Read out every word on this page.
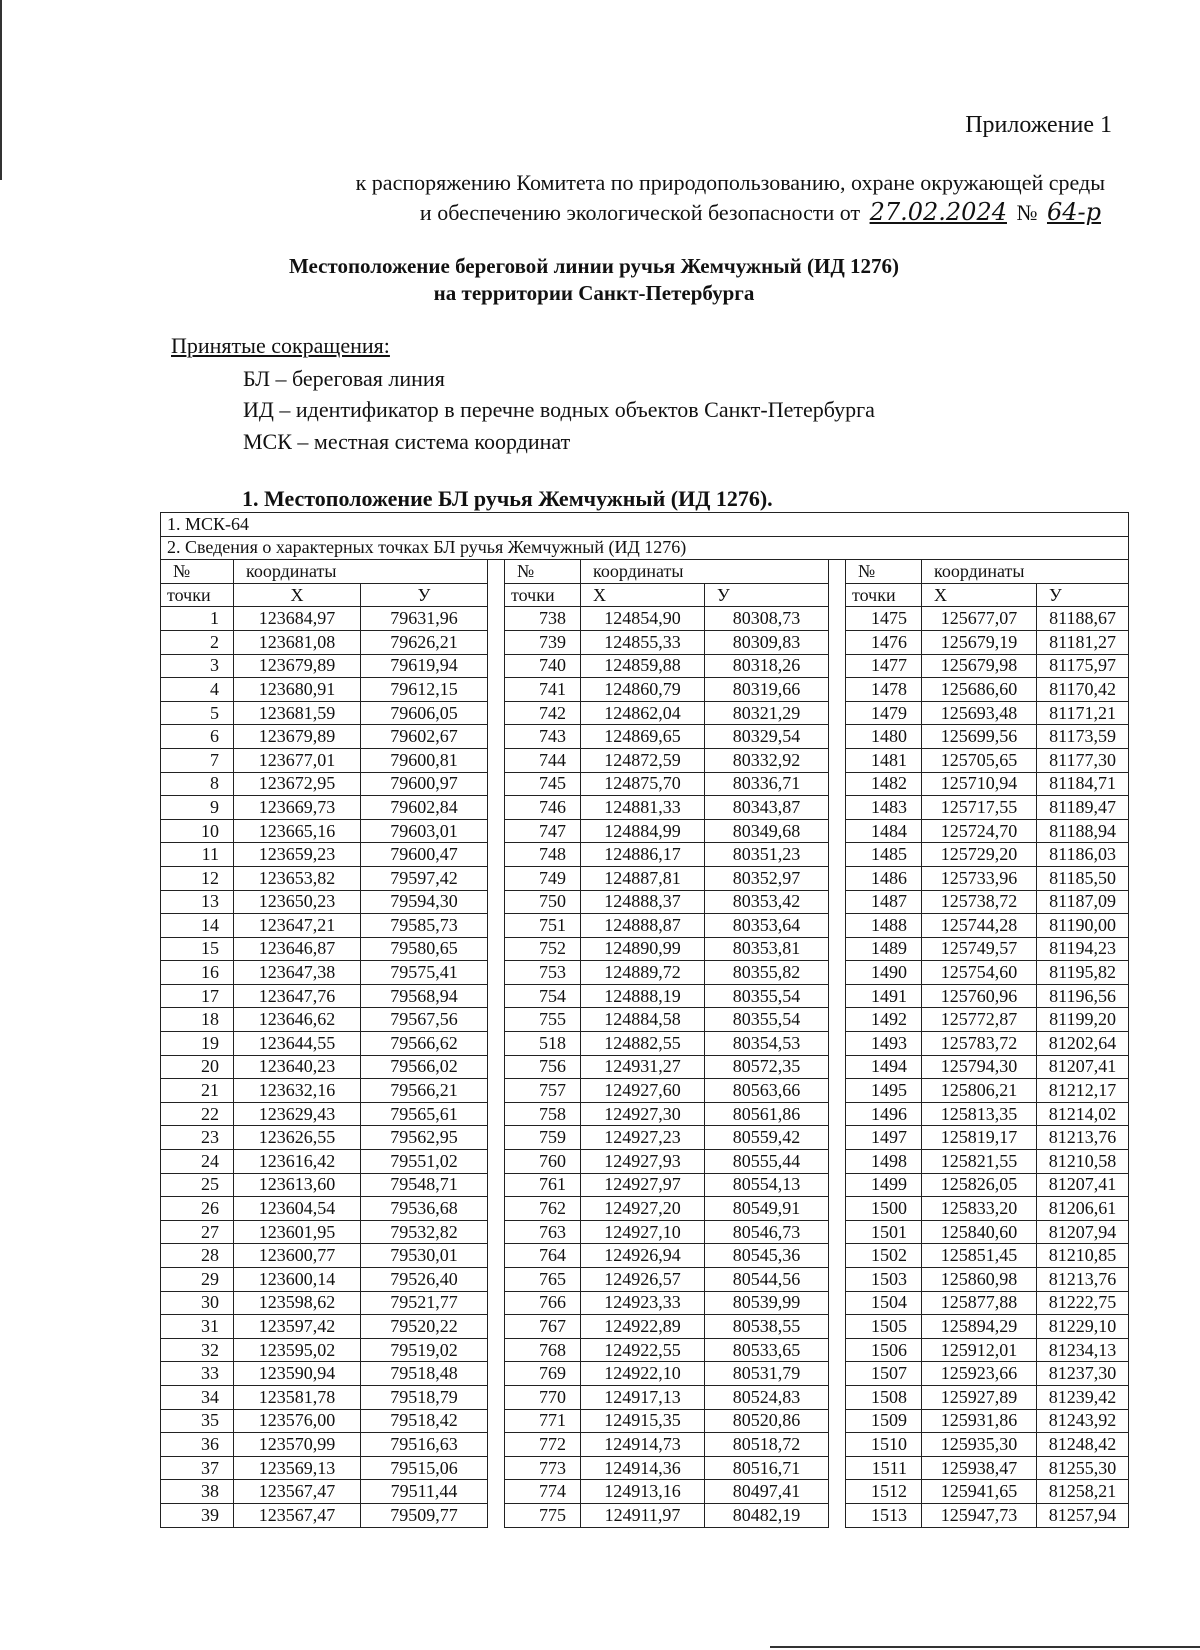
Приложение 1
к распоряжению Комитета по природопользованию, охране окружающей среды
и обеспечению экологической безопасности от 27.02.2024 № 64-р
Местоположение береговой линии ручья Жемчужный (ИД 1276)
на территории Санкт-Петербурга
Принятые сокращения:
БЛ – береговая линия
ИД – идентификатор в перечне водных объектов Санкт-Петербурга
МСК – местная система координат
1. Местоположение БЛ ручья Жемчужный (ИД 1276).
1. МСК-64										
2. Сведения о характерных точках БЛ ручья Жемчужный (ИД 1276)										
№	координаты			№	координаты			№	координаты	
точки	Х	У		точки	Х	У		точки	Х	У
1	123684,97	79631,96		738	124854,90	80308,73		1475	125677,07	81188,67
2	123681,08	79626,21		739	124855,33	80309,83		1476	125679,19	81181,27
3	123679,89	79619,94		740	124859,88	80318,26		1477	125679,98	81175,97
4	123680,91	79612,15		741	124860,79	80319,66		1478	125686,60	81170,42
5	123681,59	79606,05		742	124862,04	80321,29		1479	125693,48	81171,21
6	123679,89	79602,67		743	124869,65	80329,54		1480	125699,56	81173,59
7	123677,01	79600,81		744	124872,59	80332,92		1481	125705,65	81177,30
8	123672,95	79600,97		745	124875,70	80336,71		1482	125710,94	81184,71
9	123669,73	79602,84		746	124881,33	80343,87		1483	125717,55	81189,47
10	123665,16	79603,01		747	124884,99	80349,68		1484	125724,70	81188,94
11	123659,23	79600,47		748	124886,17	80351,23		1485	125729,20	81186,03
12	123653,82	79597,42		749	124887,81	80352,97		1486	125733,96	81185,50
13	123650,23	79594,30		750	124888,37	80353,42		1487	125738,72	81187,09
14	123647,21	79585,73		751	124888,87	80353,64		1488	125744,28	81190,00
15	123646,87	79580,65		752	124890,99	80353,81		1489	125749,57	81194,23
16	123647,38	79575,41		753	124889,72	80355,82		1490	125754,60	81195,82
17	123647,76	79568,94		754	124888,19	80355,54		1491	125760,96	81196,56
18	123646,62	79567,56		755	124884,58	80355,54		1492	125772,87	81199,20
19	123644,55	79566,62		518	124882,55	80354,53		1493	125783,72	81202,64
20	123640,23	79566,02		756	124931,27	80572,35		1494	125794,30	81207,41
21	123632,16	79566,21		757	124927,60	80563,66		1495	125806,21	81212,17
22	123629,43	79565,61		758	124927,30	80561,86		1496	125813,35	81214,02
23	123626,55	79562,95		759	124927,23	80559,42		1497	125819,17	81213,76
24	123616,42	79551,02		760	124927,93	80555,44		1498	125821,55	81210,58
25	123613,60	79548,71		761	124927,97	80554,13		1499	125826,05	81207,41
26	123604,54	79536,68		762	124927,20	80549,91		1500	125833,20	81206,61
27	123601,95	79532,82		763	124927,10	80546,73		1501	125840,60	81207,94
28	123600,77	79530,01		764	124926,94	80545,36		1502	125851,45	81210,85
29	123600,14	79526,40		765	124926,57	80544,56		1503	125860,98	81213,76
30	123598,62	79521,77		766	124923,33	80539,99		1504	125877,88	81222,75
31	123597,42	79520,22		767	124922,89	80538,55		1505	125894,29	81229,10
32	123595,02	79519,02		768	124922,55	80533,65		1506	125912,01	81234,13
33	123590,94	79518,48		769	124922,10	80531,79		1507	125923,66	81237,30
34	123581,78	79518,79		770	124917,13	80524,83		1508	125927,89	81239,42
35	123576,00	79518,42		771	124915,35	80520,86		1509	125931,86	81243,92
36	123570,99	79516,63		772	124914,73	80518,72		1510	125935,30	81248,42
37	123569,13	79515,06		773	124914,36	80516,71		1511	125938,47	81255,30
38	123567,47	79511,44		774	124913,16	80497,41		1512	125941,65	81258,21
39	123567,47	79509,77		775	124911,97	80482,19		1513	125947,73	81257,94
